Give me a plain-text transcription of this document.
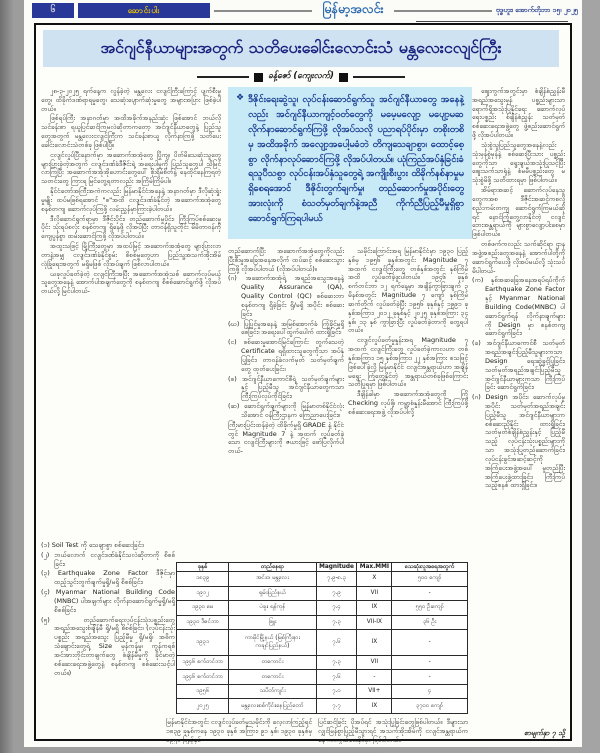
၆	ဆောင်းပါး	မြန်မာ့အလင်း	ဗုဒ္ဓဟူး၊ အောက်တိုဘာ ၁၅၊ ၂၀၂၅
အင်ဂျင်နီယာများအတွက် သတိပေးခေါင်းလောင်းသံ မန္တလေးငလျင်ကြီး
ခန့်ဇော် (ကျေးလက်)
၂၈-၃-၂၀၂၅ ရက်နေ့က လွန်ခဲ့တဲ့ မန္တလေး ငလျင်ကြီးကြောင့် ပျက်စီးမှုတွေ၊ ထိခိုက်ဒဏ်ရာရမှုတွေ၊ သေဆုံးပျောက်ဆုံးမှုတွေ အများအပြား ဖြစ်ခဲ့ပါတယ်။
ဖြစ်ရပ်ကြီး အနာဂတ်မှာ အထိအခိုက်အနည်းဆုံး ဖြစ်အောင် ဘယ်လိုသင်ခန်းစာ ရယူပြင်ဆင်ကြမလဲဆိုတာကတော့ အင်ဂျင်နီယာတွေနဲ့ ပြည်သူတွေအတွက် မန္တလေးငလျင်ကြီးက သင်ခန်းစာယူ လိုက်နာကြဖို့ သတိပေးခေါင်းလောင်းသံတစ်ခု ဖြစ်ပါပြီ။
ငလျင်လှုပ်ပြီးနောက်မှာ အဆောက်အအုံတွေ ပြိုကျ၊ ပိတ်မိသေဆုံးသူတွေ များပြားခဲ့တဲ့အတွက် ငလျင်ဒဏ်ခံဒီဇိုင်းရဲ့ အရေးပါမှုကို ပြည်သူတွေပါ သိမြင်လာကြပြီး အဆောက်အအုံအိုဟောင်းတွေပေါ် စိုးရိမ်စိတ်နဲ့ နေထိုင်နေကြရတဲ့ သတင်းတွေ ကြားရ မြင်တွေ့ရတာလည်း အကြိမ်ကြိမ်ပါ။
နိုင်ငံတော်အကြီးအကဲကလည်း မြန်မာနိုင်ငံအနေနဲ့ အနာဂတ်မှာ ဒီလိုဆုံးရှုံးမှုမျိုး ထပ်မဖြစ်ရအောင် "စ"အထိ ငလျင်ဒဏ်ခံနိုင်တဲ့ အဆောက်အအုံတွေ စနစ်တကျ ဆောက်လုပ်ကြဖို့ လမ်းညွှန်မှာကြားခဲ့ပါတယ်။
ဒီလိုဆောင်ရွက်ရာမှာ ဒီဇိုင်းပိုင်း၊ တည်ဆောက်မှုပိုင်း၊ ကြီးကြပ်စစ်ဆေးမှုပိုင်း သုံးရပ်စလုံး စနစ်တကျ ရှိနေဖို့ လိုအပ်ပြီး တာဝန်ရှိသူတိုင်း မိမိတာဝန်ကို ကျေပွန်စွာ ထမ်းဆောင်ကြဖို့ လိုအပ်ပါတယ်။
အထူးသဖြင့် မြို့ကြီးတွေမှာ အထပ်မြင့် အဆောက်အအုံတွေ များပြားလာတာနဲ့အမျှ ငလျင်ဒဏ်ခံနိုင်စွမ်း စိစစ်မှုတွေဟာ ပြည်သူ့အသက်အိုးအိမ် လုံခြုံရေးအတွက် မရှိမဖြစ် လိုအပ်ချက် ဖြစ်လာပါတယ်။
ယခုလှုပ်ခတ်ခဲ့တဲ့ ငလျင်ကြီးအပြီး အဆောက်အအုံသစ် ဆောက်လုပ်မယ့်သူတွေအနေနဲ့ အောက်ပါအချက်တွေကို စနစ်တကျ စိစစ်ဆောင်ရွက်ဖို့ လိုအပ်တယ်လို့ မြင်ပါတယ်-
(၁) Soil Test ကို သေချာစွာ စစ်ဆေးခြင်း၊
(၂) ဘယ်လောက် ငလျင်ဒဏ်ခံနိုင်သလဲဆိုတာကို စိစစ်ခြင်း၊
(၃) Earthquake Zone Factor ဒီဇိုင်းမှာ ထည့်သွင်းတွက်ချက်မှုရှိ/မရှိ စိစစ်ခြင်း၊
(၄) Myanmar National Building Code (MNBC) ပါအချက်များ လိုက်နာဆောင်ရွက်မှုရှိ/မရှိ စိစစ်ခြင်း၊
(၅) တည်ဆောက်ရေးလုပ်ငန်းသုံးပစ္စည်းတွေ အရည်အသွေးစံချိန်မီ ရှိ/မရှိ စိစစ်ခြင်း၊ (လုပ်ငန်းသုံးပစ္စည်း အရည်အသွေး ပြည့်မီမှု ရှိ/မရှိ၊ အဓိက သံချောင်းတွေရဲ့ Size မှန်ကန်မှု၊ ကွန်ကရစ် အင်အားတိုင်းတာချက်တွေ စံချိန်မီမှုကို ခိုင်မာတဲ့ စစ်ဆေးရေးအဖွဲ့တွေနဲ့ စနစ်တကျ စစ်ဆေးသင့်ပါတယ်။)
❖ ဒီဇိုင်းရေးဆွဲသူ၊ လုပ်ငန်းဆောင်ရွက်သူ အင်ဂျင်နီယာတွေ အနေနဲ့လည်း အင်ဂျင်နီယာကျင့်ဝတ်တွေကို မမေ့မလျော့ မပျော့မဆ လိုက်နာဆောင်ရွက်ကြဖို့ လိုအပ်သလို ပညာရပ်ပိုင်းမှာ တစိုးတစိမှ အထိအခိုက် အလျော့အပေါ့မခံဘဲ တိကျသေချာစွာ၊ ထောင့်စေ့စွာ လိုက်နာလုပ်ဆောင်ကြဖို့ လိုအပ်ပါတယ်။ ယုံကြည်အပ်နှံခြင်းခံရသူပီသစွာ လုပ်ငန်းအပ်နှံသူတွေရဲ့ အကျိုးစီးပွား ထိခိုက်နစ်နာမှုမရှိစေရအောင် ဒီဇိုင်းတွက်ချက်မှု၊ တည်ဆောက်မှုအပိုင်းတွေ အားလုံးကို စံသတ်မှတ်ချက်နဲ့အညီ ကိုက်ညီပြည့်မီမှုရှိစွာ ဆောင်ရွက်ကြရပါမယ်
တည်ဆောက်ပြီး အဆောက်အအုံတွေကိုလည်း ပြီးစီးမှုအခြေအနေအလိုက် ထပ်ဆင့် စစ်ဆေးသွားကြဖို့ လိုအပ်ပါတယ် (လိုအပ်ပါတယ်)။
(ဂ) အဆောက်အအုံရဲ့ အရည်အသွေးအနေနဲ့ Quality Assurance (QA), Quality Control (QC) စစ်ဆေးတာ စနစ်တကျ ရှိခဲ့ခြင်း ရှိ/မရှိ အပိုင်း စစ်ဆေးခြင်း၊
(ဃ) ပြုပြင်မှုအနေနဲ့ အမြစ်အောက်ခံ ကြံ့ခိုင်မှုရှိစေခြင်း၊ အရေးပေါ်ထွက်ပေါက် ထားရှိခြင်း၊
(င) စစ်ဆေးမှုအောင်မြင်ကြောင်း တွက်သေတဲ့ Certificate ရရှိထားသူတွေကိုသာ အပ်နှံပြုခြင်း၊ တာဝန်ခံလက်မှတ် သတ်မှတ်ချက်တွေ ထုတ်ပေးခြင်း၊
(စ) အင်ဂျင်နီယာကောင်စီရဲ့ သတ်မှတ်ချက်များနှင့် ပြည့်မီသူ အင်ဂျင်နီယာတွေကသာ ကြီးကြပ်လုပ်ကိုင်ခြင်း၊
(ဆ) ဆောင်ရွက်ချက်များကို မြန်မာတစ်နိုင်ငံလုံးသိအောင် ဝန်ကြီးဌာနက ကြေညာပေးခြင်း။
ကြီးမားပြင်းထန်ခဲ့တဲ့ ထိခိုက်မှုရှိ GRADE နဲ့ နိုင်ငံတွင် Magnitude 7 နဲ့ အထက် လှုပ်ခတ်ခဲ့သော ငလျင်ကြီးများကို ဇယားဖြင့် ဖော်ပြလိုက်ပါတယ်-
သမိုင်းကြောင်းအရ မြန်မာနိုင်ငံမှာ ၁၉၃၀ ပြည့်နှစ်မှ ၁၉၅၆ ခုနှစ်အတွင်း Magnitude ၇ အထက် ငလျင်ကြီးတွေ တစ်နှစ်အတွင်း နှစ်ကြိမ်အထိ လှုပ်ခတ်ခဲ့ဖူးပါတယ်။ ၁၉၄၆ ခုနှစ် စက်တင်ဘာ ၁၂ ရက်နေ့မှာ အချိန်ကွာခြားချက် ၃ မိနစ်အတွင်း Magnitude ၇ ကျော် နှစ်ကြိမ်ဆက်တိုက် လှုပ်ခတ်ခဲ့ပြီး ၁၉၅၆ ခုနှစ်နှင့် ၁၉၉၁ ခုနှစ်အကြား၊ ၂၀၁၂ ခုနှစ်နှင့် ၂၀၂၅ ခုနှစ်အကြား ၃၄ နှစ်၊ ၁၃ နှစ် ကွာခြားပြီး လှုပ်ခတ်ခဲ့တာကို တွေ့ရပါတယ်။
ငလျင်လှုပ်ခတ်မှုနှုန်းအရ Magnitude ၇ အထက် ငလျင်ကြီးတွေ လှုပ်ခတ်ခဲ့ကာလဟာ တစ်နှစ်အကြား၊ ၁၅ နှစ်အကြား၊ ၂၂ နှစ်အကြား စသဖြင့် ဖြစ်ပေါ်ခဲ့လို့ မြန်မာနိုင်ငံ ငလျင်အန္တရာယ်ဟာ အချိန်မရွေး ကြုံတွေ့နိုင်တဲ့ အန္တရာယ်တစ်ခုဖြစ်ကြောင်း သတိပြုရမှာ ဖြစ်ပါတယ်။
ဒီချိန်ခါမှာ အဆောက်အအုံတွေကို ကြို Checking လုပ်ဖို့၊ ကမ္ဘာ့စံနှုန်းမီအောင် ကြီးကြပ်ဖို့ စစ်ဆေးရေးအဖွဲ့ လိုအပ်ပါလို့
ခုနှစ်	တည်နေရာ	Magnitude	Max.MMI	သေဆုံးလူအရေအတွက်
၁၈၃၉	အင်းဝ၊ မန္တလေး	၇.၉-၈.၃	X	၅၀၀ ကျော်
၁၉၁၂	ရှမ်းပြည်နယ်	၇.၉	VII	-
၁၉၃၀ မေ	ပဲခူး၊ ရန်ကုန်	၇.၄	IX	၅၅၀ ဦးကျော်
၁၉၃၀ ဒီဇင်ဘာ	ဖြူး	၇.၃	VII-IX	၃၆ ဦး
၁၉၃၁	ကာမိုင်မြို့နယ် (မြစ်ကြီးနား ကချင်ပြည်နယ်)	၇.၆	IX	-
၁၉၄၆ စက်တင်ဘာ	တကောင်း	၇.၃	VII	-
၁၉၄၆ စက်တင်ဘာ	တကောင်း	၇.၆	-	-
၁၉၅၆	သပိတ်ကျင်း	၇.၀	VII+	၄
၂၀၂၅	မန္တလေး၊စစ်ကိုင်း၊နေပြည်တော်	၇.၇	IX	၃၇၀၀ ကျော်
မြန်မာနိုင်ငံအတွင်း ငလျင်လှုပ်ခတ်မှုသမိုင်းကို လေ့လာကြည့်ရင် ၁၈၃၉ ခုနှစ်ကနေ ၁၉၃၀ ခုနှစ် အကြား၊ ၉၁ နှစ်၊ ၁၉၃၀ ခုနှစ်မှ ၁၉၅၀ ပြည့်နှစ်
ပြင်ဆင်ခြင်း ပိုအပ်ရင် အသုံးပြုခြင်းတွေဖြစ်ပါတယ်။ ဒီများသာ လျှင်မြန်စွာပြည့်မီသွားရင် အသက်အိုးအိမ်ကို ငလျင်အန္တရာယ်ကနေ ကာကွယ်ပေးနိုင်မှာ ဖြစ်ပါတယ်။
ဈေးကွက်အတွင်းမှာ စံချိန်စံညွှန်းမီ အရည်အသွေးမှန် ပစ္စည်းများသာ ရောက်ရှိအသုံးပြုနိုင်ရေး ဆောက်လုပ်ရေးပစ္စည်း စံချိန်စံညွှန်း သတ်မှတ်စစ်ဆေးရေးအဖွဲ့တွေ ဖွဲ့စည်းဆောင်ရွက်ဖို့ လိုအပ်ပါတယ်။
သုံးစွဲသူပြည်သူတွေအနေနဲ့လည်း သုံးမှန်စွဲမှန်နဲ့ စစ်ဆေးပြီးသား ပစ္စည်းတွေကိုသာ ရွေးချယ်အသုံးပြုသင့်ပြီး ဈေးသက်သာရုံနဲ့ စံမမီပစ္စည်းတွေ မသုံးစွဲမိဖို့ သတိထားရမှာ ဖြစ်ပါတယ်။
အိမ်ရာအဆင့် ဆောက်လုပ်နေသူတွေကအစ ဒီဇိုင်းအဆင့်ကစလို့ စည်းကမ်းတကျ ဆောင်ရွက်ကြမယ်ဆိုရင် နောင်ကြုံတွေ့လာနိုင်တဲ့ ငလျင်ဘေးအန္တရာယ်ကို များစွာလျော့ပါးစေမှာ ဖြစ်ပါတယ်။
တစ်ဖက်ကလည်း သက်ဆိုင်ရာ ဌာနအဖွဲ့အစည်းတွေအနေနဲ့ အောက်ပါတို့ကို ဆောင်ရွက်ပေးဖို့ လိုအပ်မယ်လို့ သုံးသပ်မိပါတယ်-
(က) နှစ်အဆခြေအနေအရပ်ရပ်ကိုက် Earthquake Zone Factor နှင့် Myanmar National Building Code(MNBC) ပါ ဆောင်ရွက်ရန် လိုက်နာချက်များကို Design မှာ စနစ်တကျ ဆောင်ရွက်ခြင်း၊
(ခ) အင်ဂျင်နီယာကောင်စီ သတ်မှတ်အရည်အချင်းပြည့်မီသူများကသာ Design ရေးဆွဲခွင့်ပြုခြင်း၊ သတ်မှတ်အရည်အချင်းပြည့်မီသူ အင်ဂျင်နီယာများကသာ ကြီးကြပ်ခြင်း ဆောင်ရွက်ခြင်း၊
(ဂ) Design အပိုင်း၊ ဆောက်လုပ်မှုအပိုင်း သတ်မှတ်အရည်အချင်း ပြည့်မီသူ အင်ဂျင်နီယာများက စစ်ဆေးညှိနှိုင်း ထားရှိခြင်း၊ သတ်မှတ်စံချိန်စံညွှန်းနှင့် ပြည့်မီသည့် လုပ်ငန်းသုံးပစ္စည်းများကိုသာ အသုံးပြုတည်ဆောက်ခြင်း၊ လုပ်ငန်းခွင်အဆင့်ဆင့်ကို အကြံပေးအဖွဲ့အပေါ် မူတည်ပြီး အကြံပေးဖွဲ့ထားခြင်း၊ ကြီးကြပ်သည့်စနစ် ထားရှိခြင်း။
စာမျက်နှာ ၇ သို့
